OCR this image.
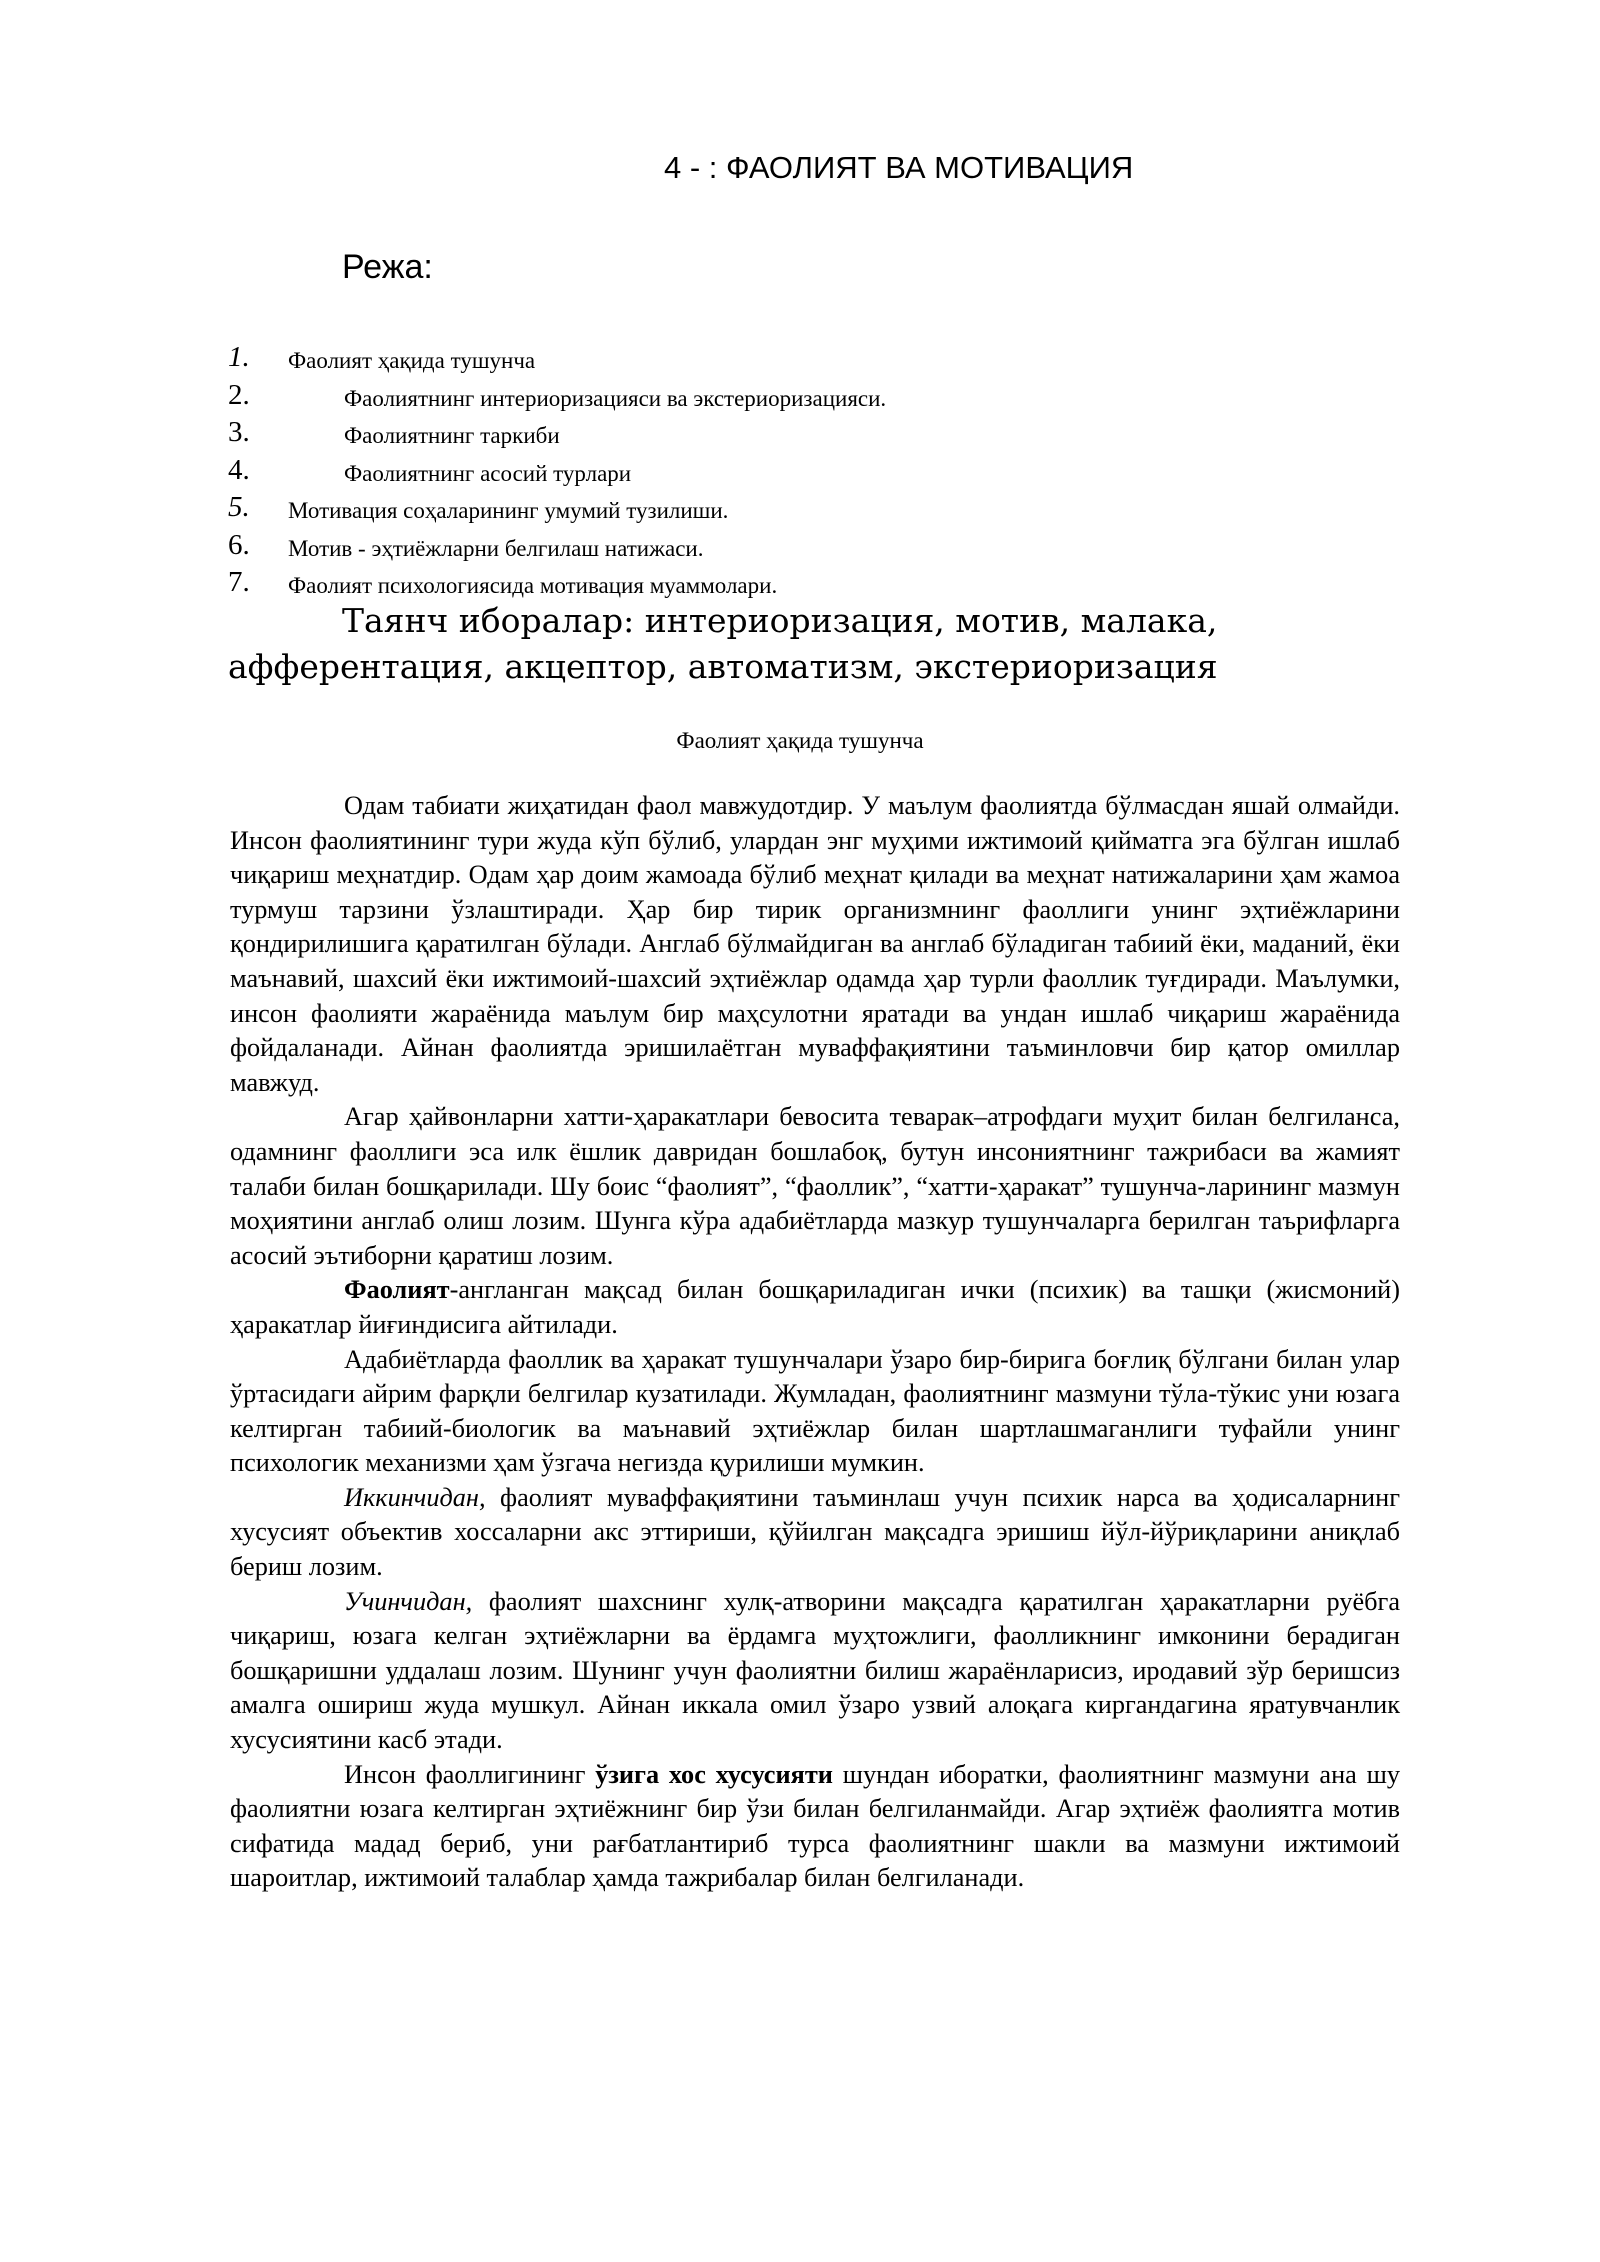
4 - : ФАОЛИЯТ ВА МОТИВАЦИЯ
Режа:
1. Фаолият ҳақида тушунча
2.	Фаолиятнинг интериоризацияси ва экстериоризацияси.
3.	Фаолиятнинг таркиби
4.	Фаолиятнинг асосий турлари
5. Мотивация соҳаларининг умумий тузилиши.
6. Мотив - эҳтиёжларни белгилаш натижаси.
7. Фаолият психологиясида мотивация муаммолари.
Таянч иборалар: интериоризация, мотив, малака, афферентация, акцептор, автоматизм, экстериоризация
Фаолият ҳақида тушунча

Одам табиати жиҳатидан фаол мавжудотдир. У маълум фаолиятда бўлмасдан яшай олмайди. Инсон фаолиятининг тури жуда кўп бўлиб, улардан энг муҳими ижтимоий қийматга эга бўлган ишлаб чиқариш меҳнатдир. Одам ҳар доим жамоада бўлиб меҳнат қилади ва меҳнат натижаларини ҳам жамоа турмуш тарзини ўзлаштиради. Ҳар бир тирик организмнинг фаоллиги унинг эҳтиёжларини қондирилишига қаратилган бўлади. Англаб бўлмайдиган ва англаб бўладиган табиий ёки, маданий, ёки маънавий, шахсий ёки ижтимоий-шахсий эҳтиёжлар одамда ҳар турли фаоллик туғдиради. Маълумки, инсон фаолияти жараёнида маълум бир маҳсулотни яратади ва ундан ишлаб чиқариш жараёнида фойдаланади. Айнан фаолиятда эришилаётган муваффақиятини таъминловчи бир қатор омиллар мавжуд.

Агар ҳайвонларни хатти-ҳаракатлари бевосита теварак–атрофдаги муҳит билан белгиланса, одамнинг фаоллиги эса илк ёшлик давридан бошлабоқ, бутун инсониятнинг тажрибаси ва жамият талаби билан бошқарилади. Шу боис “фаолият”, “фаоллик”, “хатти-ҳаракат” тушунча-ларининг мазмун моҳиятини англаб олиш лозим. Шунга кўра адабиётларда мазкур тушунчаларга берилган таърифларга асосий эътиборни қаратиш лозим.

Фаолият-англанган мақсад билан бошқариладиган ички (психик) ва ташқи (жисмоний) ҳаракатлар йиғиндисига айтилади.

Адабиётларда фаоллик ва ҳаракат тушунчалари ўзаро бир-бирига боғлиқ бўлгани билан улар ўртасидаги айрим фарқли белгилар кузатилади. Жумладан, фаолиятнинг мазмуни тўла-тўкис уни юзага келтирган табиий-биологик ва маънавий эҳтиёжлар билан шартлашмаганлиги туфайли унинг психологик механизми ҳам ўзгача негизда қурилиши мумкин.

Иккинчидан, фаолият муваффақиятини таъминлаш учун психик нарса ва ҳодисаларнинг хусусият объектив хоссаларни акс эттириши, қўйилган мақсадга эришиш йўл-йўриқларини аниқлаб бериш лозим.

Учинчидан, фаолият шахснинг хулқ-атворини мақсадга қаратилган ҳаракатларни руёбга чиқариш, юзага келган эҳтиёжларни ва ёрдамга муҳтожлиги, фаолликнинг имконини берадиган бошқаришни уддалаш лозим. Шунинг учун фаолиятни билиш жараёнларисиз, иродавий зўр беришсиз амалга ошириш жуда мушкул. Айнан иккала омил ўзаро узвий алоқага киргандагина яратувчанлик хусусиятини касб этади.

Инсон фаоллигининг ўзига хос хусусияти шундан иборатки, фаолиятнинг мазмуни ана шу фаолиятни юзага келтирган эҳтиёжнинг бир ўзи билан белгиланмайди. Агар эҳтиёж фаолиятга мотив сифатида мадад бериб, уни рағбатлантириб турса фаолиятнинг шакли ва мазмуни ижтимоий шароитлар, ижтимоий талаблар ҳамда тажрибалар билан белгиланади.
